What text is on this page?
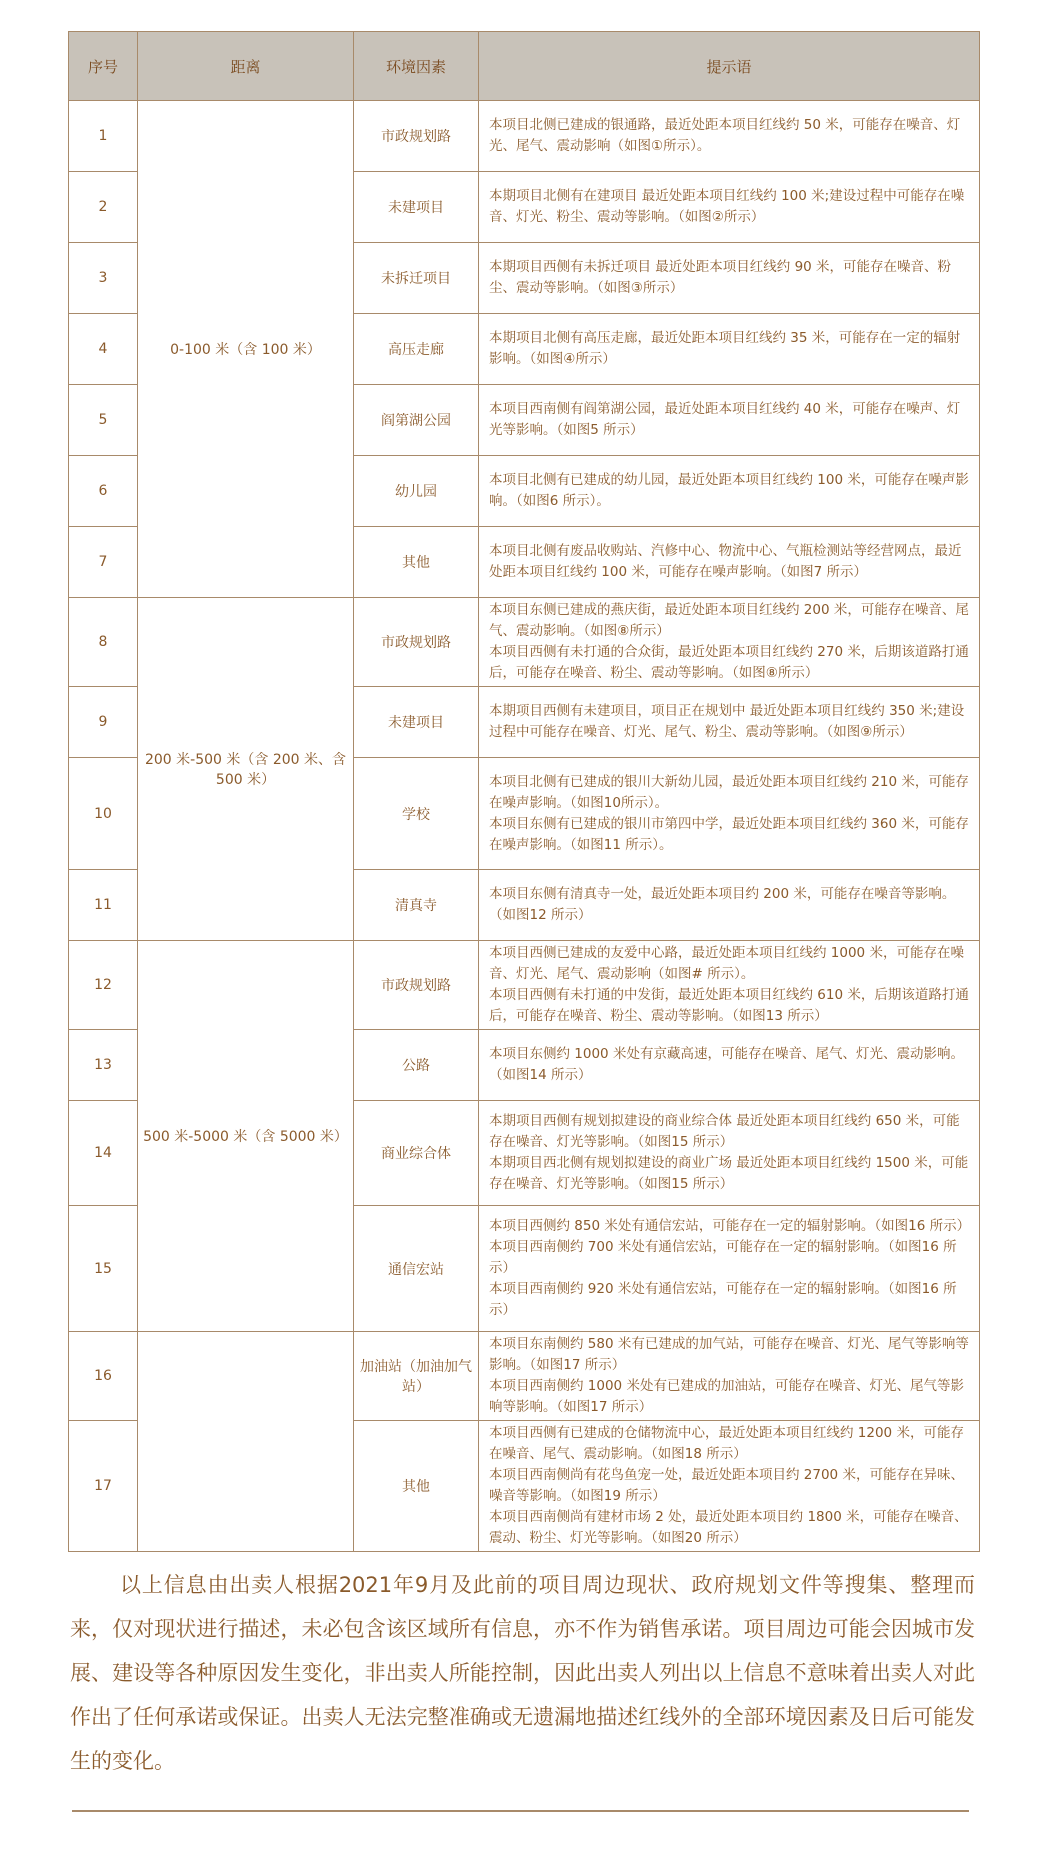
序号	距离	环境因素	提示语
1	0-100 米（含 100 米）	市政规划路	本项目北侧已建成的银通路，最近处距本项目红线约 50 米，可能存在噪音、灯光、尾气、震动影响（如图①所示）。

2		未建项目	本期项目北侧有在建项目 最近处距本项目红线约 100 米;建设过程中可能存在噪音、灯光、粉尘、震动等影响。（如图②所示）

3		未拆迁项目	本期项目西侧有未拆迁项目 最近处距本项目红线约 90 米，可能存在噪音、粉尘、震动等影响。（如图③所示）

4		高压走廊	本期项目北侧有高压走廊，最近处距本项目红线约 35 米，可能存在一定的辐射影响。（如图④所示）

5		阎第湖公园	本项目西南侧有阎第湖公园，最近处距本项目红线约 40 米，可能存在噪声、灯光等影响。（如图5 所示）

6		幼儿园	本项目北侧有已建成的幼儿园，最近处距本项目红线约 100 米，可能存在噪声影响。（如图6 所示）。

7		其他	本项目北侧有废品收购站、汽修中心、物流中心、气瓶检测站等经营网点，最近处距本项目红线约 100 米，可能存在噪声影响。（如图7 所示）

8	200 米-500 米（含 200 米、含 500 米）	市政规划路	本项目东侧已建成的燕庆街，最近处距本项目红线约 200 米，可能存在噪音、尾气、震动影响。（如图⑧所示）
本项目西侧有未打通的合众街，最近处距本项目红线约 270 米，后期该道路打通后，可能存在噪音、粉尘、震动等影响。（如图⑧所示）

9		未建项目	本期项目西侧有未建项目，项目正在规划中 最近处距本项目红线约 350 米;建设过程中可能存在噪音、灯光、尾气、粉尘、震动等影响。（如图⑨所示）

10		学校	本项目北侧有已建成的银川大新幼儿园，最近处距本项目红线约 210 米，可能存在噪声影响。（如图10所示）。
本项目东侧有已建成的银川市第四中学，最近处距本项目红线约 360 米，可能存在噪声影响。（如图11 所示）。

11		清真寺	本项目东侧有清真寺一处，最近处距本项目约 200 米，可能存在噪音等影响。（如图12 所示）

12	500 米-5000 米（含 5000 米）	市政规划路	本项目西侧已建成的友爱中心路，最近处距本项目红线约 1000 米，可能存在噪音、灯光、尾气、震动影响（如图# 所示）。
本项目西侧有未打通的中发街，最近处距本项目红线约 610 米，后期该道路打通后，可能存在噪音、粉尘、震动等影响。（如图13 所示）

13		公路	本项目东侧约 1000 米处有京藏高速，可能存在噪音、尾气、灯光、震动影响。（如图14 所示）

14		商业综合体	本期项目西侧有规划拟建设的商业综合体 最近处距本项目红线约 650 米，可能存在噪音、灯光等影响。（如图15 所示）
本期项目西北侧有规划拟建设的商业广场 最近处距本项目红线约 1500 米，可能存在噪音、灯光等影响。（如图15 所示）

15		通信宏站	本项目西侧约 850 米处有通信宏站，可能存在一定的辐射影响。（如图16 所示）
本项目西南侧约 700 米处有通信宏站，可能存在一定的辐射影响。（如图16 所示）
本项目西南侧约 920 米处有通信宏站，可能存在一定的辐射影响。（如图16 所示）

16		加油站（加油加气站）	本项目东南侧约 580 米有已建成的加气站，可能存在噪音、灯光、尾气等影响等影响。（如图17 所示）
本项目西南侧约 1000 米处有已建成的加油站，可能存在噪音、灯光、尾气等影响等影响。（如图17 所示）

17		其他	本项目西侧有已建成的仓储物流中心，最近处距本项目红线约 1200 米，可能存在噪音、尾气、震动影响。（如图18 所示）
本项目西南侧尚有花鸟鱼宠一处，最近处距本项目约 2700 米，可能存在异味、噪音等影响。（如图19 所示）
本项目西南侧尚有建材市场 2 处，最近处距本项目约 1800 米，可能存在噪音、震动、粉尘、灯光等影响。（如图20 所示）

以上信息由出卖人根据2021年9月及此前的项目周边现状、政府规划文件等搜集、整理而来，仅对现状进行描述，未必包含该区域所有信息，亦不作为销售承诺。项目周边可能会因城市发展、建设等各种原因发生变化，非出卖人所能控制，因此出卖人列出以上信息不意味着出卖人对此作出了任何承诺或保证。出卖人无法完整准确或无遗漏地描述红线外的全部环境因素及日后可能发生的变化。
